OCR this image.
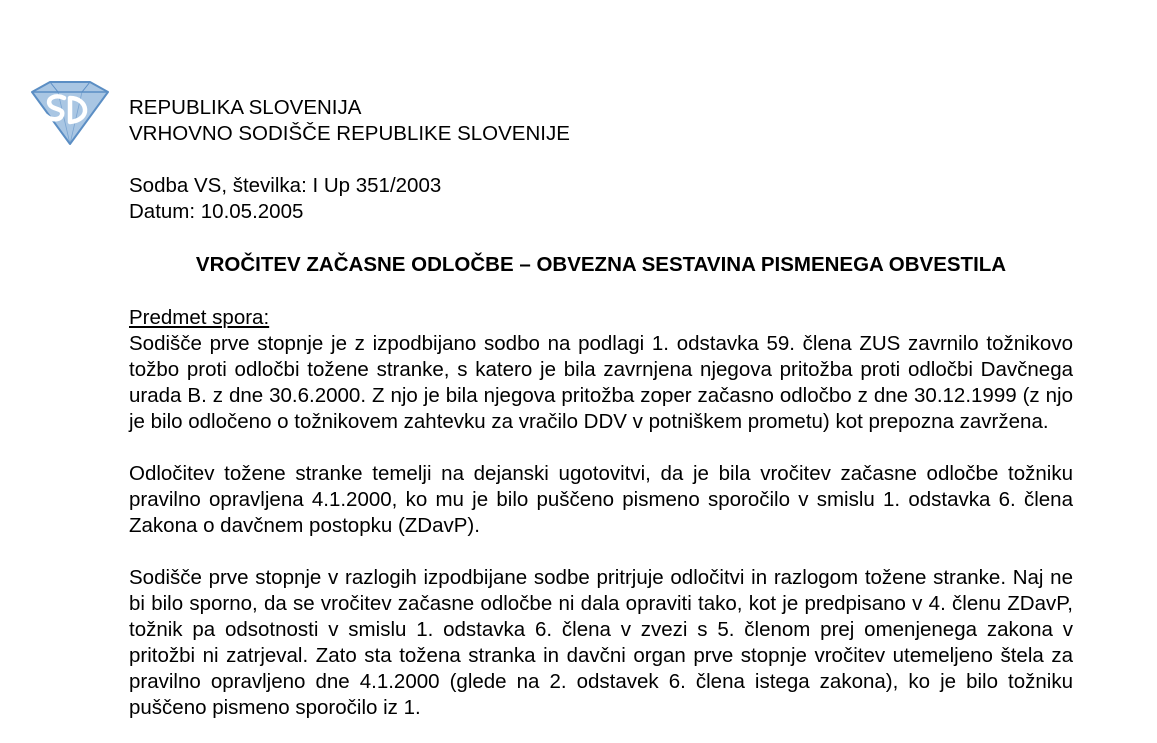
REPUBLIKA SLOVENIJA
VRHOVNO SODIŠČE REPUBLIKE SLOVENIJE
Sodba VS, številka: I Up 351/2003
Datum: 10.05.2005
VROČITEV ZAČASNE ODLOČBE – OBVEZNA SESTAVINA PISMENEGA OBVESTILA
Predmet spora:

Sodišče prve stopnje je z izpodbijano sodbo na podlagi 1. odstavka 59. člena ZUS zavrnilo tožnikovo tožbo proti odločbi tožene stranke, s katero je bila zavrnjena njegova pritožba proti odločbi Davčnega urada B. z dne 30.6.2000. Z njo je bila njegova pritožba zoper začasno odločbo z dne 30.12.1999 (z njo je bilo odločeno o tožnikovem zahtevku za vračilo DDV v potniškem prometu) kot prepozna zavržena.

Odločitev tožene stranke temelji na dejanski ugotovitvi, da je bila vročitev začasne odločbe tožniku pravilno opravljena 4.1.2000, ko mu je bilo puščeno pismeno sporočilo v smislu 1. odstavka 6. člena Zakona o davčnem postopku (ZDavP).

Sodišče prve stopnje v razlogih izpodbijane sodbe pritrjuje odločitvi in razlogom tožene stranke. Naj ne bi bilo sporno, da se vročitev začasne odločbe ni dala opraviti tako, kot je predpisano v 4. členu ZDavP, tožnik pa odsotnosti v smislu 1. odstavka 6. člena v zvezi s 5. členom prej omenjenega zakona v pritožbi ni zatrjeval. Zato sta tožena stranka in davčni organ prve stopnje vročitev utemeljeno štela za pravilno opravljeno dne 4.1.2000 (glede na 2. odstavek 6. člena istega zakona), ko je bilo tožniku puščeno pismeno sporočilo iz 1.
